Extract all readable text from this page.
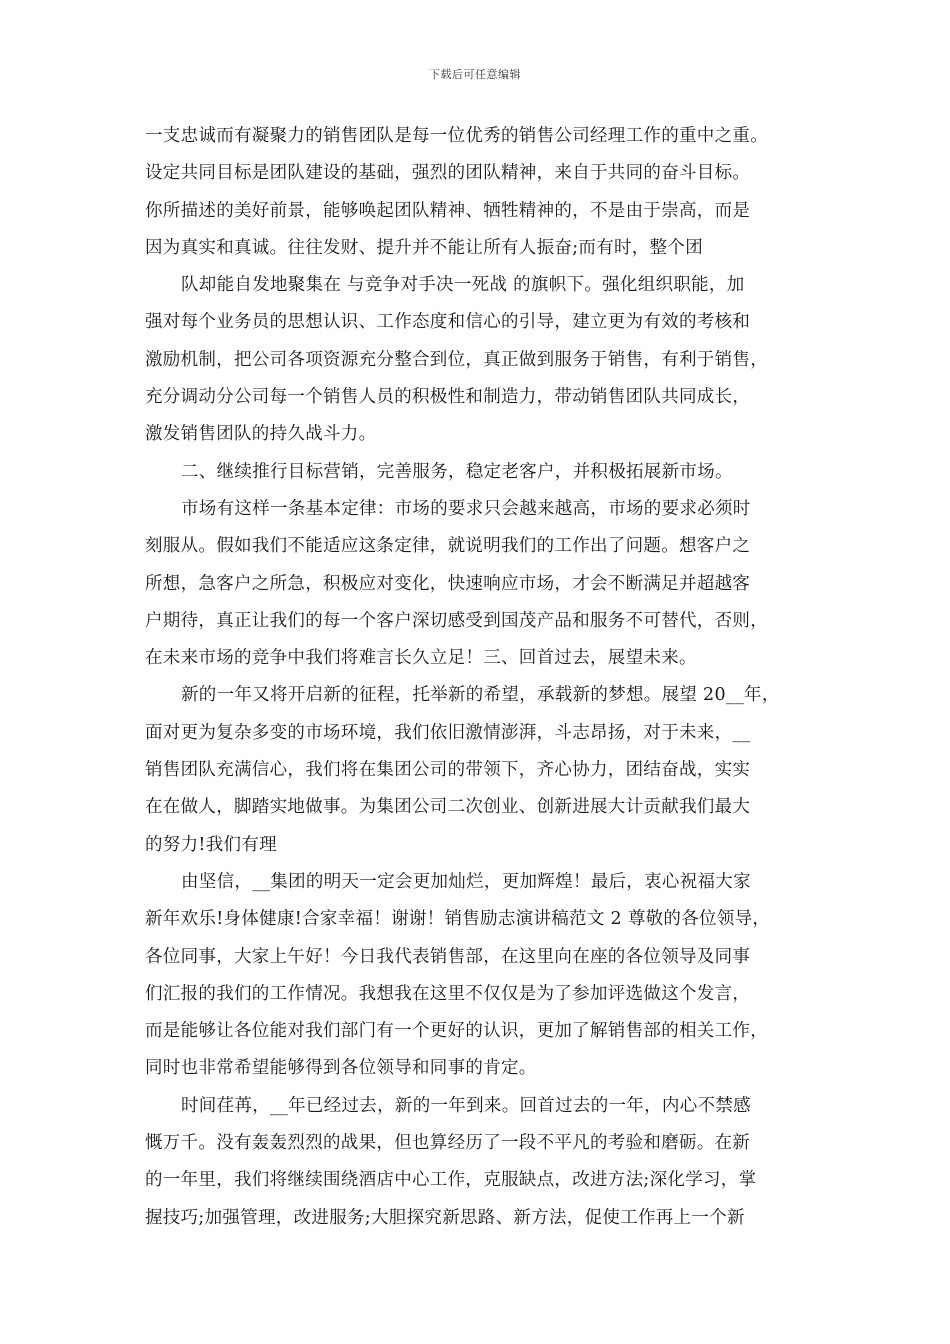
下载后可任意编辑
一支忠诚而有凝聚力的销售团队是每一位优秀的销售公司经理工作的重中之重。
设定共同目标是团队建设的基础，强烈的团队精神，来自于共同的奋斗目标。
你所描述的美好前景，能够唤起团队精神、牺牲精神的，不是由于崇高，而是
因为真实和真诚。往往发财、提升并不能让所有人振奋;而有时，整个团
队却能自发地聚集在 与竞争对手决一死战 的旗帜下。强化组织职能，加
强对每个业务员的思想认识、工作态度和信心的引导，建立更为有效的考核和
激励机制，把公司各项资源充分整合到位，真正做到服务于销售，有利于销售，
充分调动分公司每一个销售人员的积极性和制造力，带动销售团队共同成长，
激发销售团队的持久战斗力。
二、继续推行目标营销，完善服务，稳定老客户，并积极拓展新市场。
市场有这样一条基本定律：市场的要求只会越来越高，市场的要求必须时
刻服从。假如我们不能适应这条定律，就说明我们的工作出了问题。想客户之
所想，急客户之所急，积极应对变化，快速响应市场，才会不断满足并超越客
户期待，真正让我们的每一个客户深切感受到国茂产品和服务不可替代，否则，
在未来市场的竞争中我们将难言长久立足！三、回首过去，展望未来。
新的一年又将开启新的征程，托举新的希望，承载新的梦想。展望 20__年，
面对更为复杂多变的市场环境，我们依旧激情澎湃，斗志昂扬，对于未来，__
销售团队充满信心，我们将在集团公司的带领下，齐心协力，团结奋战，实实
在在做人，脚踏实地做事。为集团公司二次创业、创新进展大计贡献我们最大
的努力!我们有理
由坚信，__集团的明天一定会更加灿烂，更加辉煌！最后，衷心祝福大家
新年欢乐!身体健康!合家幸福！谢谢！销售励志演讲稿范文 2 尊敬的各位领导，
各位同事，大家上午好！今日我代表销售部，在这里向在座的各位领导及同事
们汇报的我们的工作情况。我想我在这里不仅仅是为了参加评选做这个发言，
而是能够让各位能对我们部门有一个更好的认识，更加了解销售部的相关工作，
同时也非常希望能够得到各位领导和同事的肯定。
时间荏苒，__年已经过去，新的一年到来。回首过去的一年，内心不禁感
慨万千。没有轰轰烈烈的战果，但也算经历了一段不平凡的考验和磨砺。在新
的一年里，我们将继续围绕酒店中心工作，克服缺点，改进方法;深化学习，掌
握技巧;加强管理，改进服务;大胆探究新思路、新方法，促使工作再上一个新
